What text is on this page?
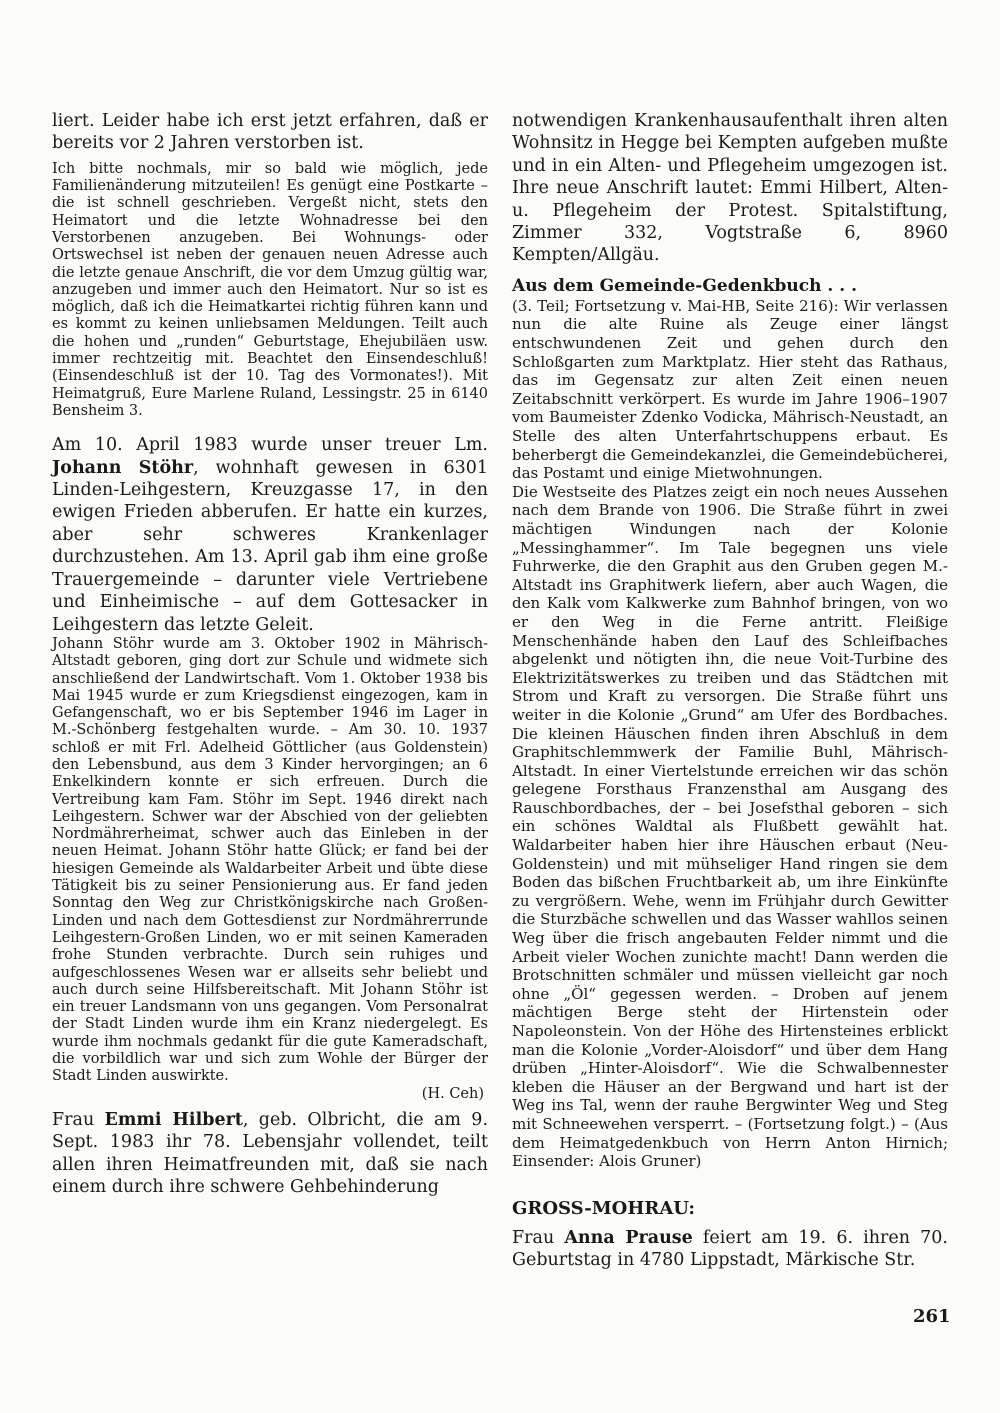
liert. Leider habe ich erst jetzt erfahren, daß er bereits vor 2 Jahren verstorben ist.

Ich bitte nochmals, mir so bald wie möglich, jede Familienänderung mitzuteilen! Es genügt eine Postkarte – die ist schnell geschrieben. Vergeßt nicht, stets den Heimatort und die letzte Wohnadresse bei den Verstorbenen anzugeben. Bei Wohnungs- oder Ortswechsel ist neben der genauen neuen Adresse auch die letzte genaue Anschrift, die vor dem Umzug gültig war, anzugeben und immer auch den Heimatort. Nur so ist es möglich, daß ich die Heimatkartei richtig führen kann und es kommt zu keinen unliebsamen Meldungen. Teilt auch die hohen und „runden“ Geburtstage, Ehejubiläen usw. immer rechtzeitig mit. Beachtet den Einsendeschluß! (Einsendeschluß ist der 10. Tag des Vormonates!). Mit Heimatgruß, Eure Marlene Ruland, Lessingstr. 25 in 6140 Bensheim 3.

Am 10. April 1983 wurde unser treuer Lm. Johann Stöhr, wohnhaft gewesen in 6301 Linden-Leihgestern, Kreuzgasse 17, in den ewigen Frieden abberufen. Er hatte ein kurzes, aber sehr schweres Krankenlager durchzustehen. Am 13. April gab ihm eine große Trauergemeinde – darunter viele Vertriebene und Einheimische – auf dem Gottesacker in Leihgestern das letzte Geleit.

Johann Stöhr wurde am 3. Oktober 1902 in Mährisch-Altstadt geboren, ging dort zur Schule und widmete sich anschließend der Landwirtschaft. Vom 1. Oktober 1938 bis Mai 1945 wurde er zum Kriegsdienst eingezogen, kam in Gefangenschaft, wo er bis September 1946 im Lager in M.-Schönberg festgehalten wurde. – Am 30. 10. 1937 schloß er mit Frl. Adelheid Göttlicher (aus Goldenstein) den Lebensbund, aus dem 3 Kinder hervorgingen; an 6 Enkelkindern konnte er sich erfreuen. Durch die Vertreibung kam Fam. Stöhr im Sept. 1946 direkt nach Leihgestern. Schwer war der Abschied von der geliebten Nordmährerheimat, schwer auch das Einleben in der neuen Heimat. Johann Stöhr hatte Glück; er fand bei der hiesigen Gemeinde als Waldarbeiter Arbeit und übte diese Tätigkeit bis zu seiner Pensionierung aus. Er fand jeden Sonntag den Weg zur Christkönigskirche nach Großen-Linden und nach dem Gottesdienst zur Nordmährerrunde Leihgestern-Großen Linden, wo er mit seinen Kameraden frohe Stunden verbrachte. Durch sein ruhiges und aufgeschlossenes Wesen war er allseits sehr beliebt und auch durch seine Hilfsbereitschaft. Mit Johann Stöhr ist ein treuer Landsmann von uns gegangen. Vom Personalrat der Stadt Linden wurde ihm ein Kranz niedergelegt. Es wurde ihm nochmals gedankt für die gute Kameradschaft, die vorbildlich war und sich zum Wohle der Bürger der Stadt Linden auswirkte.

(H. Ceh)

Frau Emmi Hilbert, geb. Olbricht, die am 9. Sept. 1983 ihr 78. Lebensjahr vollendet, teilt allen ihren Heimatfreunden mit, daß sie nach einem durch ihre schwere Gehbehinderung

notwendigen Krankenhausaufenthalt ihren alten Wohnsitz in Hegge bei Kempten aufgeben mußte und in ein Alten- und Pflegeheim umgezogen ist. Ihre neue Anschrift lautet: Emmi Hilbert, Alten- u. Pflegeheim der Protest. Spitalstiftung, Zimmer 332, Vogtstraße 6, 8960 Kempten/Allgäu.

Aus dem Gemeinde-Gedenkbuch . . .

(3. Teil; Fortsetzung v. Mai-HB, Seite 216): Wir verlassen nun die alte Ruine als Zeuge einer längst entschwundenen Zeit und gehen durch den Schloßgarten zum Marktplatz. Hier steht das Rathaus, das im Gegensatz zur alten Zeit einen neuen Zeitabschnitt verkörpert. Es wurde im Jahre 1906–1907 vom Baumeister Zdenko Vodicka, Mährisch-Neustadt, an Stelle des alten Unterfahrtschuppens erbaut. Es beherbergt die Gemeindekanzlei, die Gemeindebücherei, das Postamt und einige Mietwohnungen.

Die Westseite des Platzes zeigt ein noch neues Aussehen nach dem Brande von 1906. Die Straße führt in zwei mächtigen Windungen nach der Kolonie „Messinghammer“. Im Tale begegnen uns viele Fuhrwerke, die den Graphit aus den Gruben gegen M.-Altstadt ins Graphitwerk liefern, aber auch Wagen, die den Kalk vom Kalkwerke zum Bahnhof bringen, von wo er den Weg in die Ferne antritt. Fleißige Menschenhände haben den Lauf des Schleifbaches abgelenkt und nötigten ihn, die neue Voit-Turbine des Elektrizitätswerkes zu treiben und das Städtchen mit Strom und Kraft zu versorgen. Die Straße führt uns weiter in die Kolonie „Grund“ am Ufer des Bordbaches. Die kleinen Häuschen finden ihren Abschluß in dem Graphitschlemmwerk der Familie Buhl, Mährisch-Altstadt. In einer Viertelstunde erreichen wir das schön gelegene Forsthaus Franzensthal am Ausgang des Rauschbordbaches, der – bei Josefsthal geboren – sich ein schönes Waldtal als Flußbett gewählt hat. Waldarbeiter haben hier ihre Häuschen erbaut (Neu-Goldenstein) und mit mühseliger Hand ringen sie dem Boden das bißchen Fruchtbarkeit ab, um ihre Einkünfte zu vergrößern. Wehe, wenn im Frühjahr durch Gewitter die Sturzbäche schwellen und das Wasser wahllos seinen Weg über die frisch angebauten Felder nimmt und die Arbeit vieler Wochen zunichte macht! Dann werden die Brotschnitten schmäler und müssen vielleicht gar noch ohne „Öl“ gegessen werden. – Droben auf jenem mächtigen Berge steht der Hirtenstein oder Napoleonstein. Von der Höhe des Hirtensteines erblickt man die Kolonie „Vorder-Aloisdorf“ und über dem Hang drüben „Hinter-Aloisdorf“. Wie die Schwalbennester kleben die Häuser an der Bergwand und hart ist der Weg ins Tal, wenn der rauhe Bergwinter Weg und Steg mit Schneewehen versperrt. – (Fortsetzung folgt.) – (Aus dem Heimatgedenkbuch von Herrn Anton Hirnich; Einsender: Alois Gruner)

GROSS-MOHRAU:

Frau Anna Prause feiert am 19. 6. ihren 70. Geburtstag in 4780 Lippstadt, Märkische Str.

261
